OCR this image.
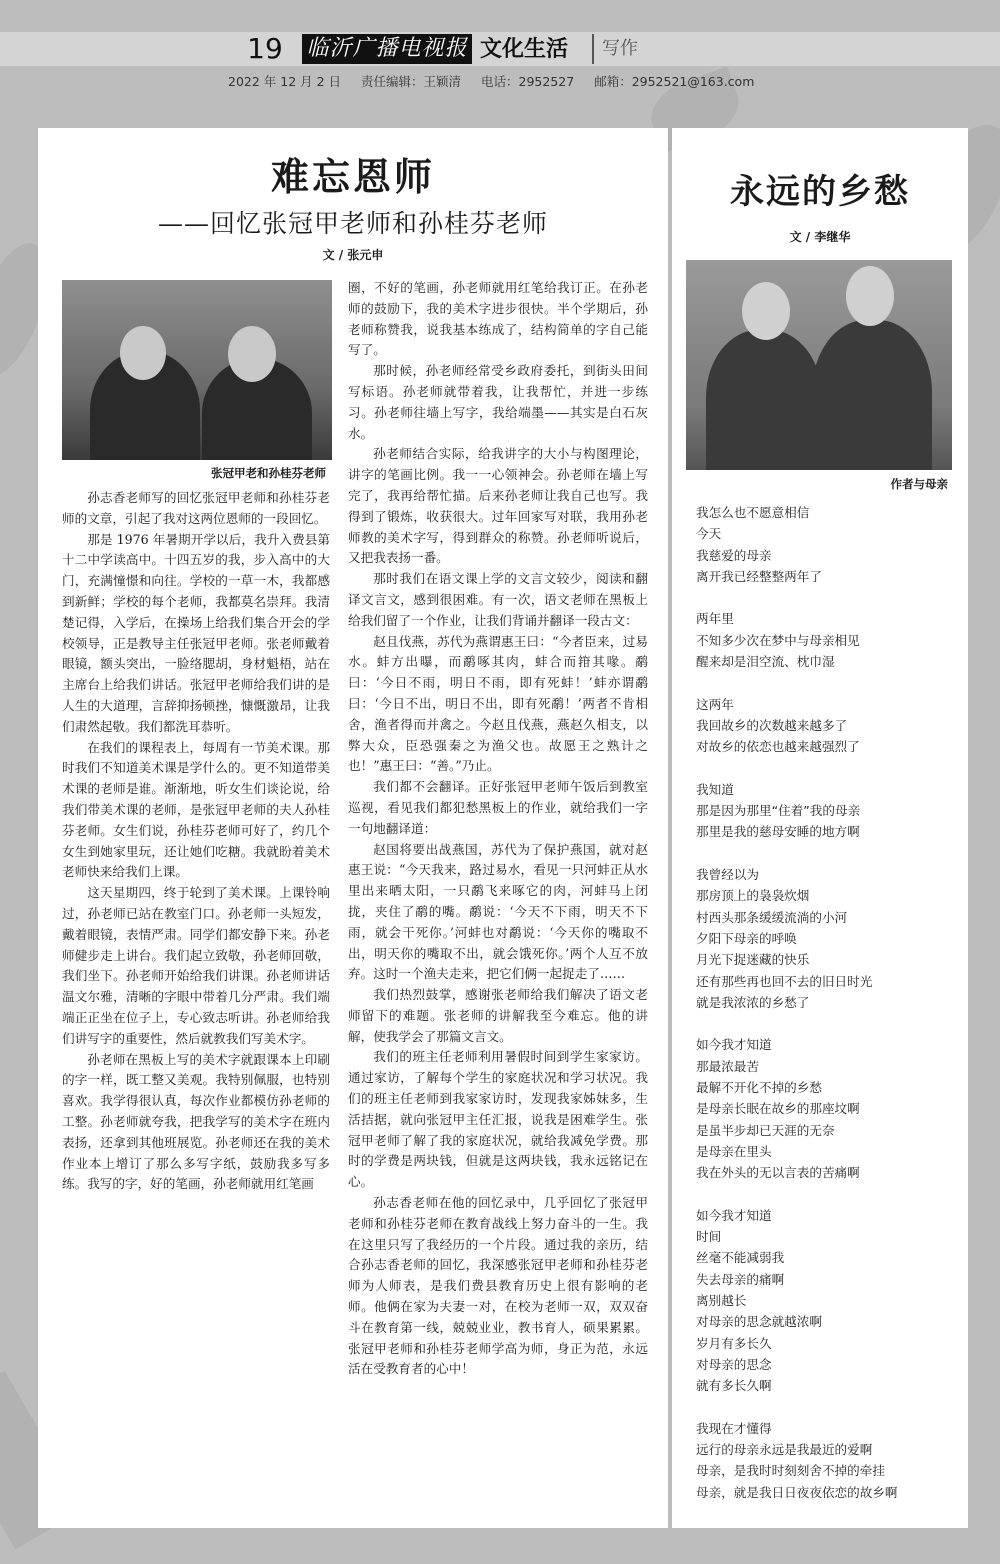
19	临沂广播电视报 文化生活	写作
2022 年 12 月 2 日 责任编辑：王颖清 电话：2952527 邮箱：2952521@163.com
难忘恩师
——回忆张冠甲老师和孙桂芬老师
文 / 张元申
张冠甲老和孙桂芬老师

孙志香老师写的回忆张冠甲老师和孙桂芬老师的文章，引起了我对这两位恩师的一段回忆。

那是 1976 年暑期开学以后，我升入费县第十二中学读高中。十四五岁的我，步入高中的大门，充满憧憬和向往。学校的一草一木，我都感到新鲜；学校的每个老师，我都莫名崇拜。我清楚记得，入学后，在操场上给我们集合开会的学校领导，正是教导主任张冠甲老师。张老师戴着眼镜，额头突出，一脸络腮胡，身材魁梧，站在主席台上给我们讲话。张冠甲老师给我们讲的是人生的大道理，言辞抑扬顿挫，慷慨激昂，让我们肃然起敬。我们都洗耳恭听。

在我们的课程表上，每周有一节美术课。那时我们不知道美术课是学什么的。更不知道带美术课的老师是谁。渐渐地，听女生们谈论说，给我们带美术课的老师，是张冠甲老师的夫人孙桂芬老师。女生们说，孙桂芬老师可好了，约几个女生到她家里玩，还让她们吃糖。我就盼着美术老师快来给我们上课。

这天星期四，终于轮到了美术课。上课铃响过，孙老师已站在教室门口。孙老师一头短发，戴着眼镜，表情严肃。同学们都安静下来。孙老师健步走上讲台。我们起立致敬，孙老师回敬，我们坐下。孙老师开始给我们讲课。孙老师讲话温文尔雅，清晰的字眼中带着几分严肃。我们端端正正坐在位子上，专心致志听讲。孙老师给我们讲写字的重要性，然后就教我们写美术字。

孙老师在黑板上写的美术字就跟课本上印刷的字一样，既工整又美观。我特别佩服，也特别喜欢。我学得很认真，每次作业都模仿孙老师的工整。孙老师就夸我，把我学写的美术字在班内表扬，还拿到其他班展览。孙老师还在我的美术作业本上增订了那么多写字纸，鼓励我多写多练。我写的字，好的笔画，孙老师就用红笔画

圈，不好的笔画，孙老师就用红笔给我订正。在孙老师的鼓励下，我的美术字进步很快。半个学期后，孙老师称赞我，说我基本练成了，结构简单的字自己能写了。

那时候，孙老师经常受乡政府委托，到街头田间写标语。孙老师就带着我，让我帮忙，并进一步练习。孙老师往墙上写字，我给端墨——其实是白石灰水。

孙老师结合实际，给我讲字的大小与构图理论，讲字的笔画比例。我一一心领神会。孙老师在墙上写完了，我再给帮忙描。后来孙老师让我自己也写。我得到了锻炼，收获很大。过年回家写对联，我用孙老师教的美术字写，得到群众的称赞。孙老师听说后，又把我表扬一番。

那时我们在语文课上学的文言文较少，阅读和翻译文言文，感到很困难。有一次，语文老师在黑板上给我们留了一个作业，让我们背诵并翻译一段古文：

赵且伐燕，苏代为燕谓惠王曰：“今者臣来，过易水。蚌方出曝，而鹬啄其肉，蚌合而箝其喙。鹬曰：‘今日不雨，明日不雨，即有死蚌！’蚌亦谓鹬曰：‘今日不出，明日不出，即有死鹬！’两者不肯相舍，渔者得而并禽之。今赵且伐燕，燕赵久相支，以弊大众，臣恐强秦之为渔父也。故愿王之熟计之也！”惠王曰：“善。”乃止。

我们都不会翻译。正好张冠甲老师午饭后到教室巡视，看见我们都犯愁黑板上的作业，就给我们一字一句地翻译道：

赵国将要出战燕国，苏代为了保护燕国，就对赵惠王说：“今天我来，路过易水，看见一只河蚌正从水里出来晒太阳，一只鹬飞来啄它的肉，河蚌马上闭拢，夹住了鹬的嘴。鹬说：‘今天不下雨，明天不下雨，就会干死你。’河蚌也对鹬说：‘今天你的嘴取不出，明天你的嘴取不出，就会饿死你。’两个人互不放弃。这时一个渔夫走来，把它们俩一起捉走了……

我们热烈鼓掌，感谢张老师给我们解决了语文老师留下的难题。张老师的讲解我至今难忘。他的讲解，使我学会了那篇文言文。

我们的班主任老师利用暑假时间到学生家家访。通过家访，了解每个学生的家庭状况和学习状况。我们的班主任老师到我家家访时，发现我家姊妹多，生活拮据，就向张冠甲主任汇报，说我是困难学生。张冠甲老师了解了我的家庭状况，就给我减免学费。那时的学费是两块钱，但就是这两块钱，我永远铭记在心。

孙志香老师在他的回忆录中，几乎回忆了张冠甲老师和孙桂芬老师在教育战线上努力奋斗的一生。我在这里只写了我经历的一个片段。通过我的亲历，结合孙志香老师的回忆，我深感张冠甲老师和孙桂芬老师为人师表，是我们费县教育历史上很有影响的老师。他俩在家为夫妻一对，在校为老师一双，双双奋斗在教育第一线，兢兢业业，教书育人，硕果累累。张冠甲老师和孙桂芬老师学高为师，身正为范，永远活在受教育者的心中！

永远的乡愁
文 / 李继华
作者与母亲
我怎么也不愿意相信
今天
我慈爱的母亲
离开我已经整整两年了
两年里
不知多少次在梦中与母亲相见
醒来却是泪空流、枕巾湿
这两年
我回故乡的次数越来越多了
对故乡的依恋也越来越强烈了
我知道
那是因为那里“住着”我的母亲
那里是我的慈母安睡的地方啊
我曾经以为
那房顶上的袅袅炊烟
村西头那条缓缓流淌的小河
夕阳下母亲的呼唤
月光下捉迷藏的快乐
还有那些再也回不去的旧日时光
就是我浓浓的乡愁了
如今我才知道
那最浓最苦
最解不开化不掉的乡愁
是母亲长眠在故乡的那座坟啊
是虽半步却已天涯的无奈
是母亲在里头
我在外头的无以言表的苦痛啊
如今我才知道
时间
丝毫不能减弱我
失去母亲的痛啊
离别越长
对母亲的思念就越浓啊
岁月有多长久
对母亲的思念
就有多长久啊
我现在才懂得
远行的母亲永远是我最近的爱啊
母亲，是我时时刻刻舍不掉的牵挂
母亲，就是我日日夜夜依恋的故乡啊
